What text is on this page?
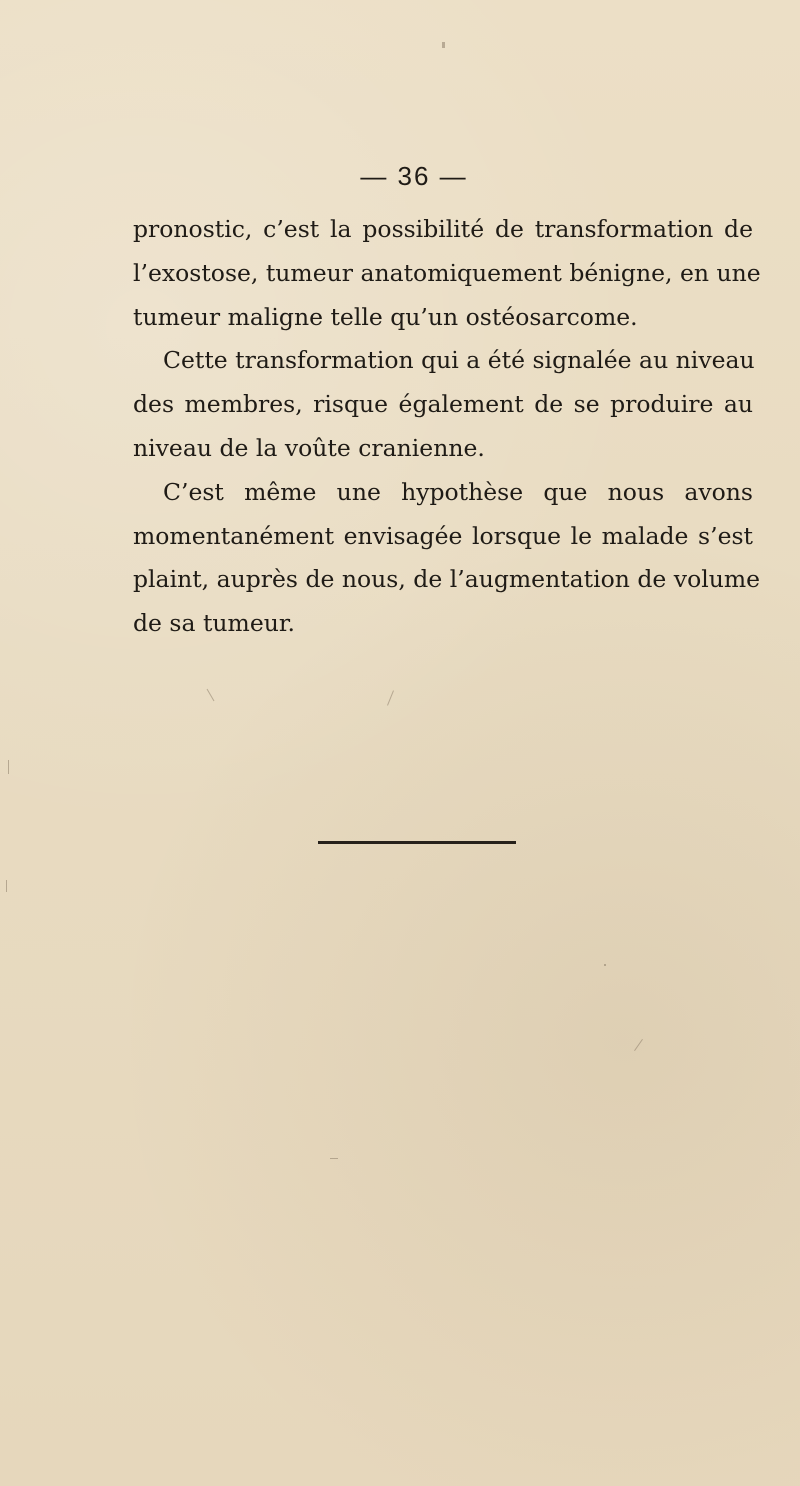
— 36 —
pronostic, c’est la possibilité de transformation de
l’exostose, tumeur anatomiquement bénigne, en une
tumeur maligne telle qu’un ostéosarcome.
Cette transformation qui a été signalée au niveau
des membres, risque également de se produire au
niveau de la voûte cranienne.
C’est même une hypothèse que nous avons
momentanément envisagée lorsque le malade s’est
plaint, auprès de nous, de l’augmentation de volume
de sa tumeur.
